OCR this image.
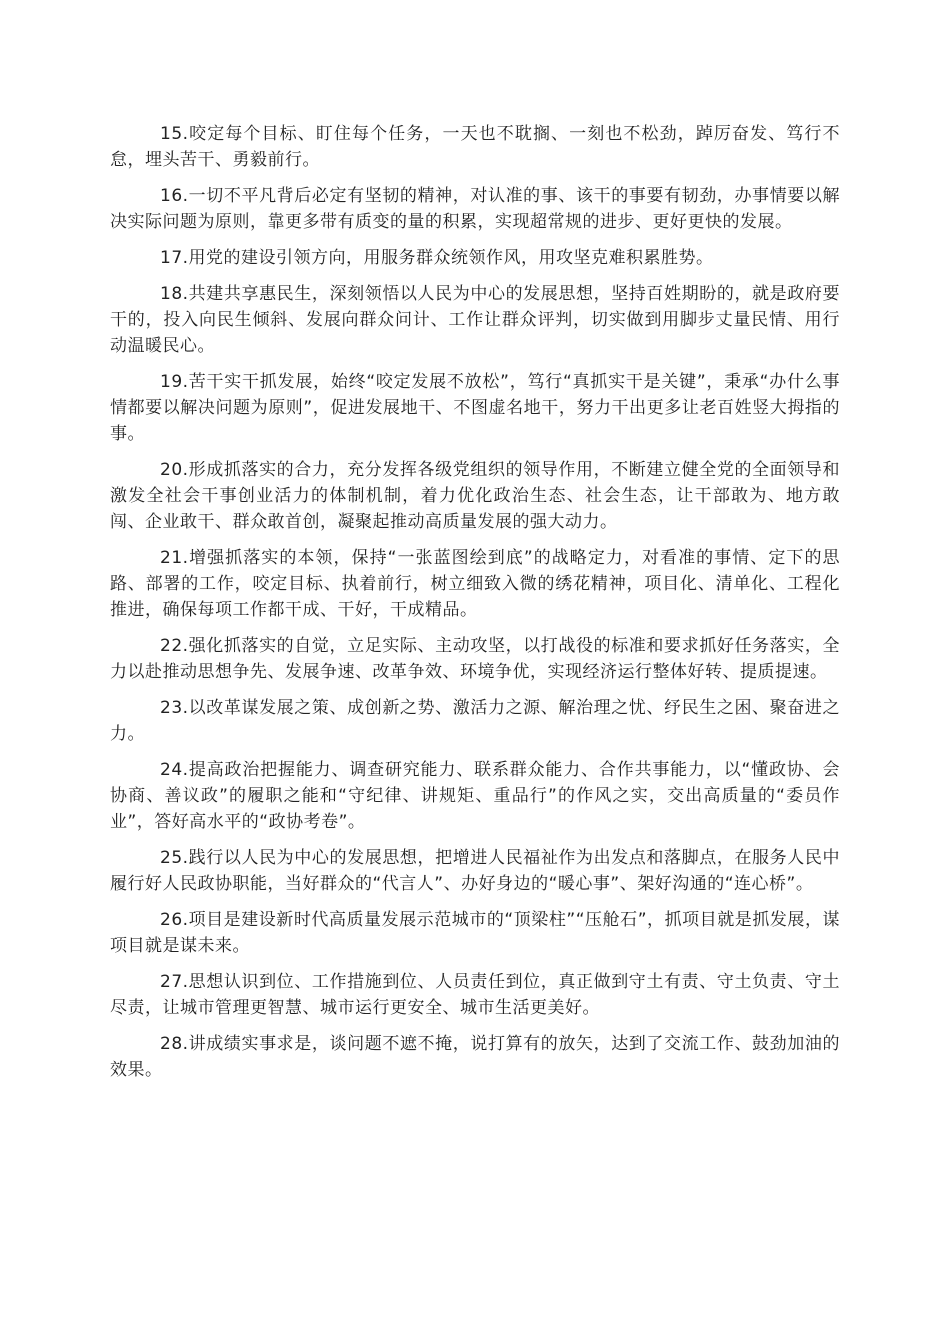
15.咬定每个目标、盯住每个任务，一天也不耽搁、一刻也不松劲，踔厉奋发、笃行不怠，埋头苦干、勇毅前行。

16.一切不平凡背后必定有坚韧的精神，对认准的事、该干的事要有韧劲，办事情要以解决实际问题为原则，靠更多带有质变的量的积累，实现超常规的进步、更好更快的发展。

17.用党的建设引领方向，用服务群众统领作风，用攻坚克难积累胜势。

18.共建共享惠民生，深刻领悟以人民为中心的发展思想，坚持百姓期盼的，就是政府要干的，投入向民生倾斜、发展向群众问计、工作让群众评判，切实做到用脚步丈量民情、用行动温暖民心。

19.苦干实干抓发展，始终“咬定发展不放松”，笃行“真抓实干是关键”，秉承“办什么事情都要以解决问题为原则”，促进发展地干、不图虚名地干，努力干出更多让老百姓竖大拇指的事。

20.形成抓落实的合力，充分发挥各级党组织的领导作用，不断建立健全党的全面领导和激发全社会干事创业活力的体制机制，着力优化政治生态、社会生态，让干部敢为、地方敢闯、企业敢干、群众敢首创，凝聚起推动高质量发展的强大动力。

21.增强抓落实的本领，保持“一张蓝图绘到底”的战略定力，对看准的事情、定下的思路、部署的工作，咬定目标、执着前行，树立细致入微的绣花精神，项目化、清单化、工程化推进，确保每项工作都干成、干好，干成精品。

22.强化抓落实的自觉，立足实际、主动攻坚，以打战役的标准和要求抓好任务落实，全力以赴推动思想争先、发展争速、改革争效、环境争优，实现经济运行整体好转、提质提速。

23.以改革谋发展之策、成创新之势、激活力之源、解治理之忧、纾民生之困、聚奋进之力。

24.提高政治把握能力、调查研究能力、联系群众能力、合作共事能力，以“懂政协、会协商、善议政”的履职之能和“守纪律、讲规矩、重品行”的作风之实，交出高质量的“委员作业”，答好高水平的“政协考卷”。

25.践行以人民为中心的发展思想，把增进人民福祉作为出发点和落脚点，在服务人民中履行好人民政协职能，当好群众的“代言人”、办好身边的“暖心事”、架好沟通的“连心桥”。

26.项目是建设新时代高质量发展示范城市的“顶梁柱”“压舱石”，抓项目就是抓发展，谋项目就是谋未来。

27.思想认识到位、工作措施到位、人员责任到位，真正做到守土有责、守土负责、守土尽责，让城市管理更智慧、城市运行更安全、城市生活更美好。

28.讲成绩实事求是，谈问题不遮不掩，说打算有的放矢，达到了交流工作、鼓劲加油的效果。
